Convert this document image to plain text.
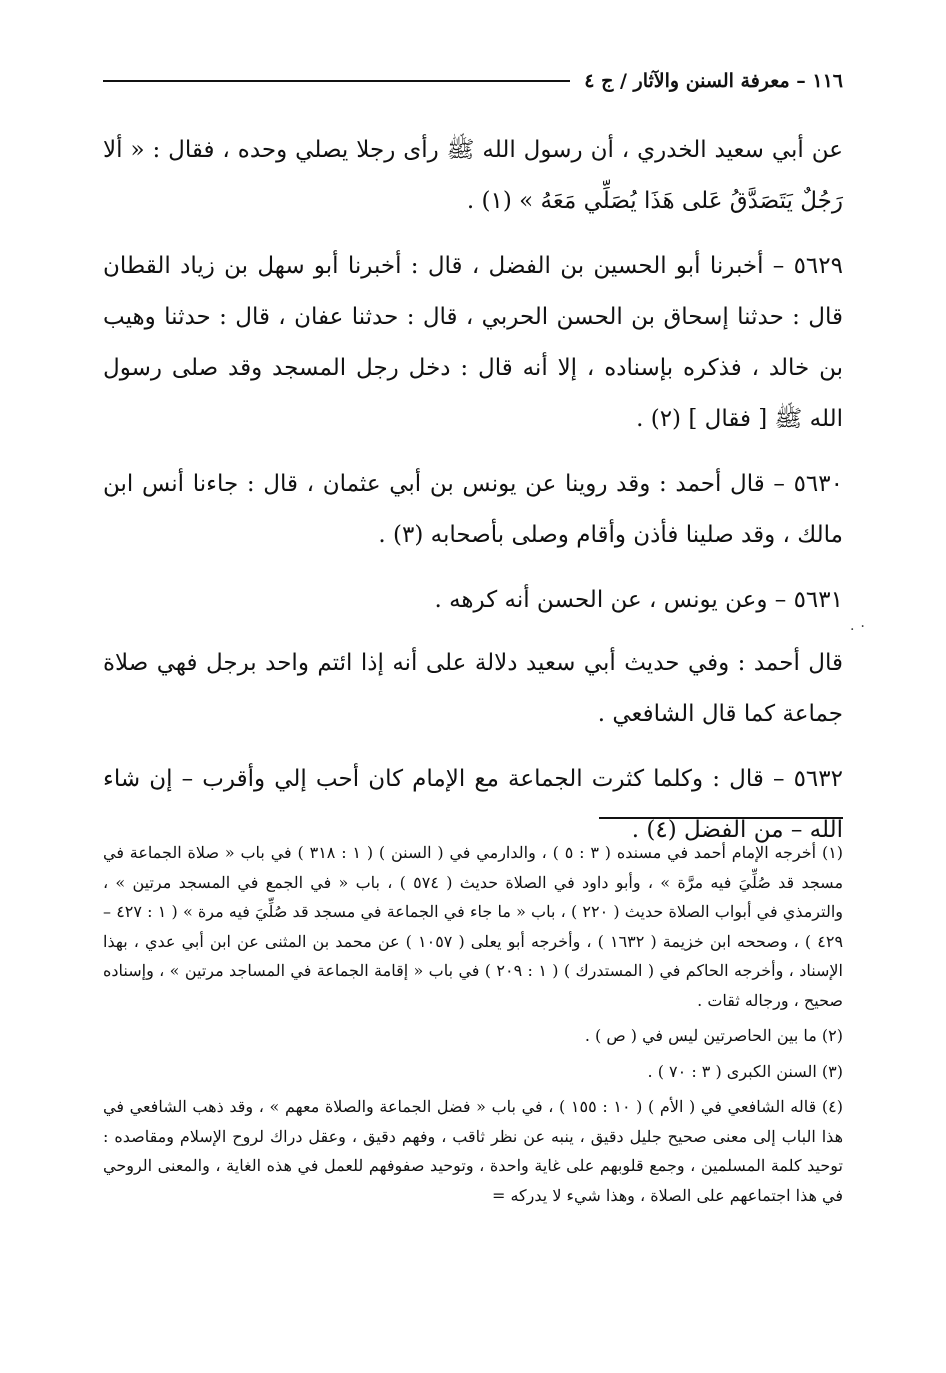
١١٦ – معرفة السنن والآثار / ج ٤

عن أبي سعيد الخدري ، أن رسول الله ﷺ رأى رجلا يصلي وحده ، فقال : « ألا رَجُلٌ يَتَصَدَّقُ عَلى هَذَا يُصَلِّي مَعَهُ » (١) .

٥٦٢٩ – أخبرنا أبو الحسين بن الفضل ، قال : أخبرنا أبو سهل بن زياد القطان قال : حدثنا إسحاق بن الحسن الحربي ، قال : حدثنا عفان ، قال : حدثنا وهيب بن خالد ، فذكره بإسناده ، إلا أنه قال : دخل رجل المسجد وقد صلى رسول الله ﷺ [ فقال ] (٢) .

٥٦٣٠ – قال أحمد : وقد روينا عن يونس بن أبي عثمان ، قال : جاءنا أنس ابن مالك ، وقد صلينا فأذن وأقام وصلى بأصحابه (٣) .

٥٦٣١ – وعن يونس ، عن الحسن أنه كرهه .

قال أحمد : وفي حديث أبي سعيد دلالة على أنه إذا ائتم واحد برجل فهي صلاة جماعة كما قال الشافعي .

٥٦٣٢ – قال : وكلما كثرت الجماعة مع الإمام كان أحب إلي وأقرب – إن شاء الله – من الفضل (٤) .

٠ .

(١) أخرجه الإمام أحمد في مسنده ( ٣ : ٥ ) ، والدارمي في ( السنن ) ( ١ : ٣١٨ ) في باب « صلاة الجماعة في مسجد قد صُلِّيَ فيه مرَّة » ، وأبو داود في الصلاة حديث ( ٥٧٤ ) ، باب « في الجمع في المسجد مرتين » ، والترمذي في أبواب الصلاة حديث ( ٢٢٠ ) ، باب « ما جاء في الجماعة في مسجد قد صُلِّيَ فيه مرة » ( ١ : ٤٢٧ – ٤٢٩ ) ، وصححه ابن خزيمة ( ١٦٣٢ ) ، وأخرجه أبو يعلى ( ١٠٥٧ ) عن محمد بن المثنى عن ابن أبي عدي ، بهذا الإسناد ، وأخرجه الحاكم في ( المستدرك ) ( ١ : ٢٠٩ ) في باب « إقامة الجماعة في المساجد مرتين » ، وإسناده صحيح ، ورجاله ثقات .

(٢) ما بين الحاصرتين ليس في ( ص ) .

(٣) السنن الكبرى ( ٣ : ٧٠ ) .

(٤) قاله الشافعي في ( الأم ) ( ١٠ : ١٥٥ ) ، في باب « فضل الجماعة والصلاة معهم » ، وقد ذهب الشافعي في هذا الباب إلى معنى صحيح جليل دقيق ، ينبه عن نظر ثاقب ، وفهم دقيق ، وعقل دراك لروح الإسلام ومقاصده : توحيد كلمة المسلمين ، وجمع قلوبهم على غاية واحدة ، وتوحيد صفوفهم للعمل في هذه الغاية ، والمعنى الروحي في هذا اجتماعهم على الصلاة ، وهذا شيء لا يدركه =
